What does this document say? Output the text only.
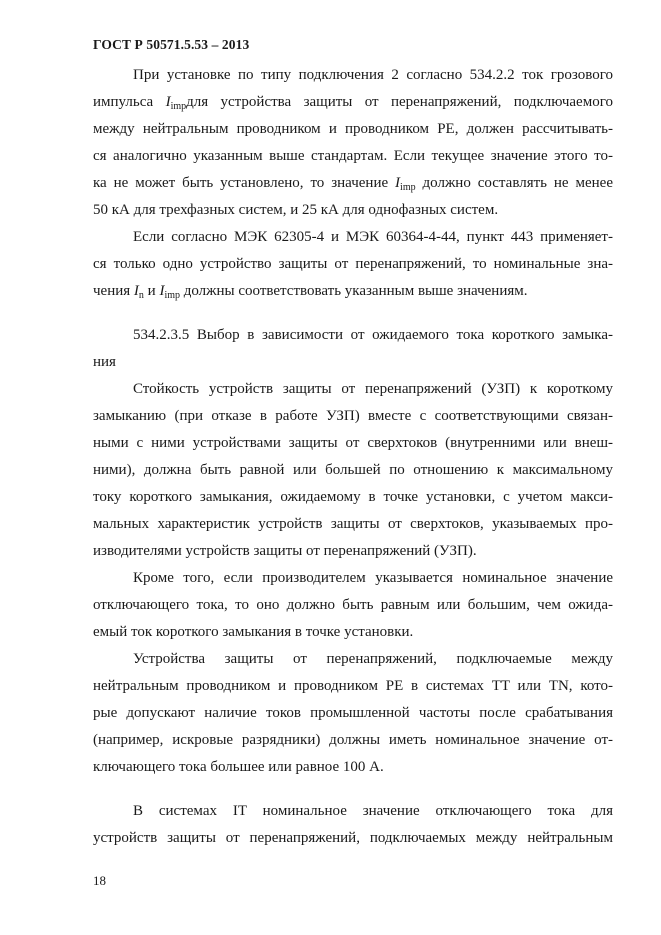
ГОСТ Р 50571.5.53 – 2013
При установке по типу подключения 2 согласно 534.2.2 ток грозового
импульса $I_{imp}для$ устройства защиты от перенапряжений, подключаемого
между нейтральным проводником и проводником PE, должен рассчитывать-
ся аналогично указанным выше стандартам. Если текущее значение этого то-
ка не может быть установлено, то значение $I_{imp}$ должно составлять не менее
50 кА для трехфазных систем, и 25 кА для однофазных систем.
Если согласно МЭК 62305-4 и МЭК 60364-4-44, пункт 443 применяет-
ся только одно устройство защиты от перенапряжений, то номинальные зна-
чения $I_n$ и $I_{imp}$ должны соответствовать указанным выше значениям.
534.2.3.5 Выбор в зависимости от ожидаемого тока короткого замыка-
ния
Стойкость устройств защиты от перенапряжений (УЗП) к короткому
замыканию (при отказе в работе УЗП) вместе с соответствующими связан-
ными с ними устройствами защиты от сверхтоков (внутренними или внеш-
ними), должна быть равной или большей по отношению к максимальному
току короткого замыкания, ожидаемому в точке установки, с учетом макси-
мальных характеристик устройств защиты от сверхтоков, указываемых про-
изводителями устройств защиты от перенапряжений (УЗП).
Кроме того, если производителем указывается номинальное значение
отключающего тока, то оно должно быть равным или большим, чем ожида-
емый ток короткого замыкания в точке установки.
Устройства защиты от перенапряжений, подключаемые между
нейтральным проводником и проводником PE в системах TT или TN, кото-
рые допускают наличие токов промышленной частоты после срабатывания
(например, искровые разрядники) должны иметь номинальное значение от-
ключающего тока большее или равное 100 А.
В системах IT номинальное значение отключающего тока для
устройств защиты от перенапряжений, подключаемых между нейтральным
18
